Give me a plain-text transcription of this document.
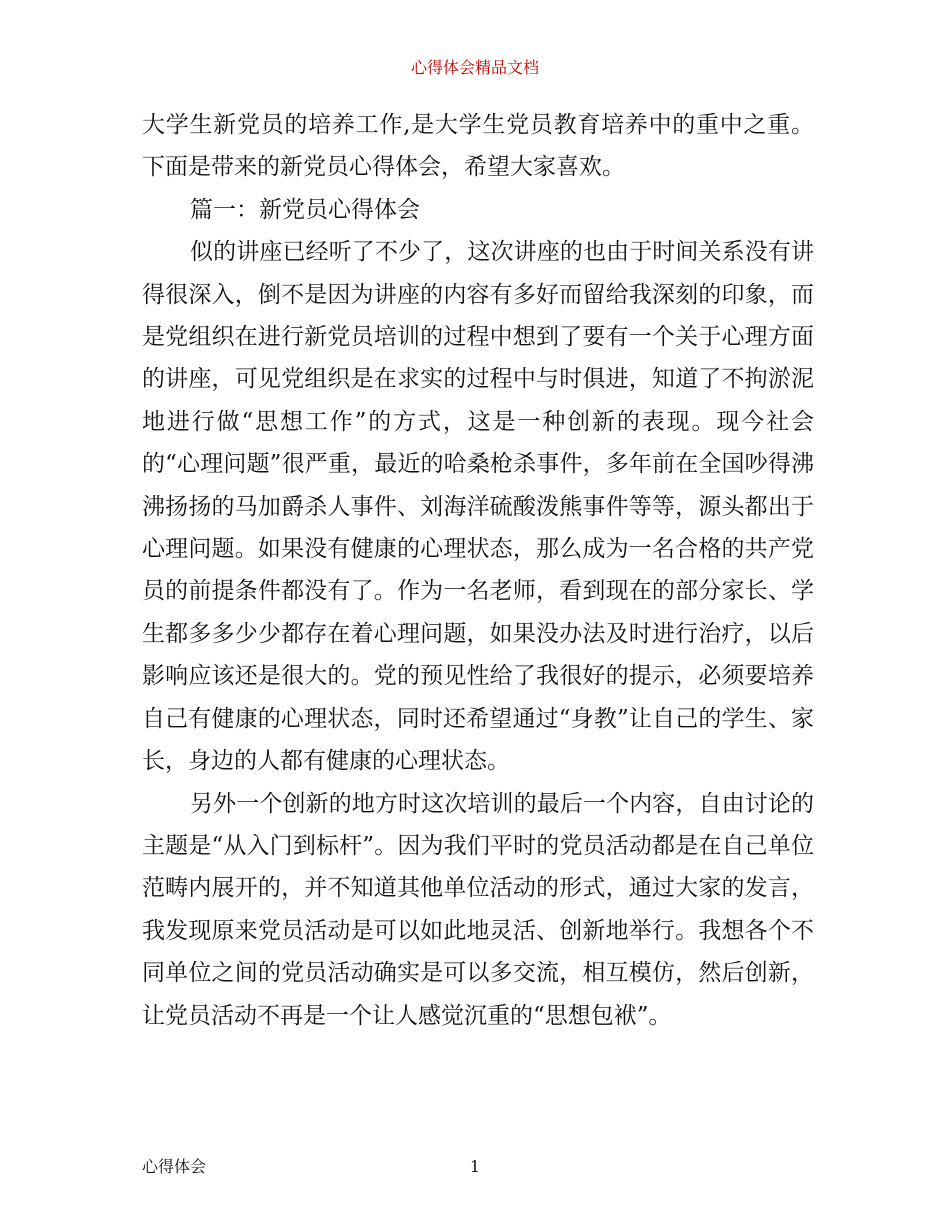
心得体会精品文档

大学生新党员的培养工作,是大学生党员教育培养中的重中之重。下面是带来的新党员心得体会，希望大家喜欢。

篇一：新党员心得体会

似的讲座已经听了不少了，这次讲座的也由于时间关系没有讲得很深入，倒不是因为讲座的内容有多好而留给我深刻的印象，而是党组织在进行新党员培训的过程中想到了要有一个关于心理方面的讲座，可见党组织是在求实的过程中与时俱进，知道了不拘淤泥地进行做“思想工作”的方式，这是一种创新的表现。现今社会的“心理问题”很严重，最近的哈桑枪杀事件，多年前在全国吵得沸沸扬扬的马加爵杀人事件、刘海洋硫酸泼熊事件等等，源头都出于心理问题。如果没有健康的心理状态，那么成为一名合格的共产党员的前提条件都没有了。作为一名老师，看到现在的部分家长、学生都多多少少都存在着心理问题，如果没办法及时进行治疗，以后影响应该还是很大的。党的预见性给了我很好的提示，必须要培养自己有健康的心理状态，同时还希望通过“身教”让自己的学生、家长，身边的人都有健康的心理状态。

另外一个创新的地方时这次培训的最后一个内容，自由讨论的主题是“从入门到标杆”。因为我们平时的党员活动都是在自己单位范畴内展开的，并不知道其他单位活动的形式，通过大家的发言，我发现原来党员活动是可以如此地灵活、创新地举行。我想各个不同单位之间的党员活动确实是可以多交流，相互模仿，然后创新，让党员活动不再是一个让人感觉沉重的“思想包袱”。

心得体会	1
